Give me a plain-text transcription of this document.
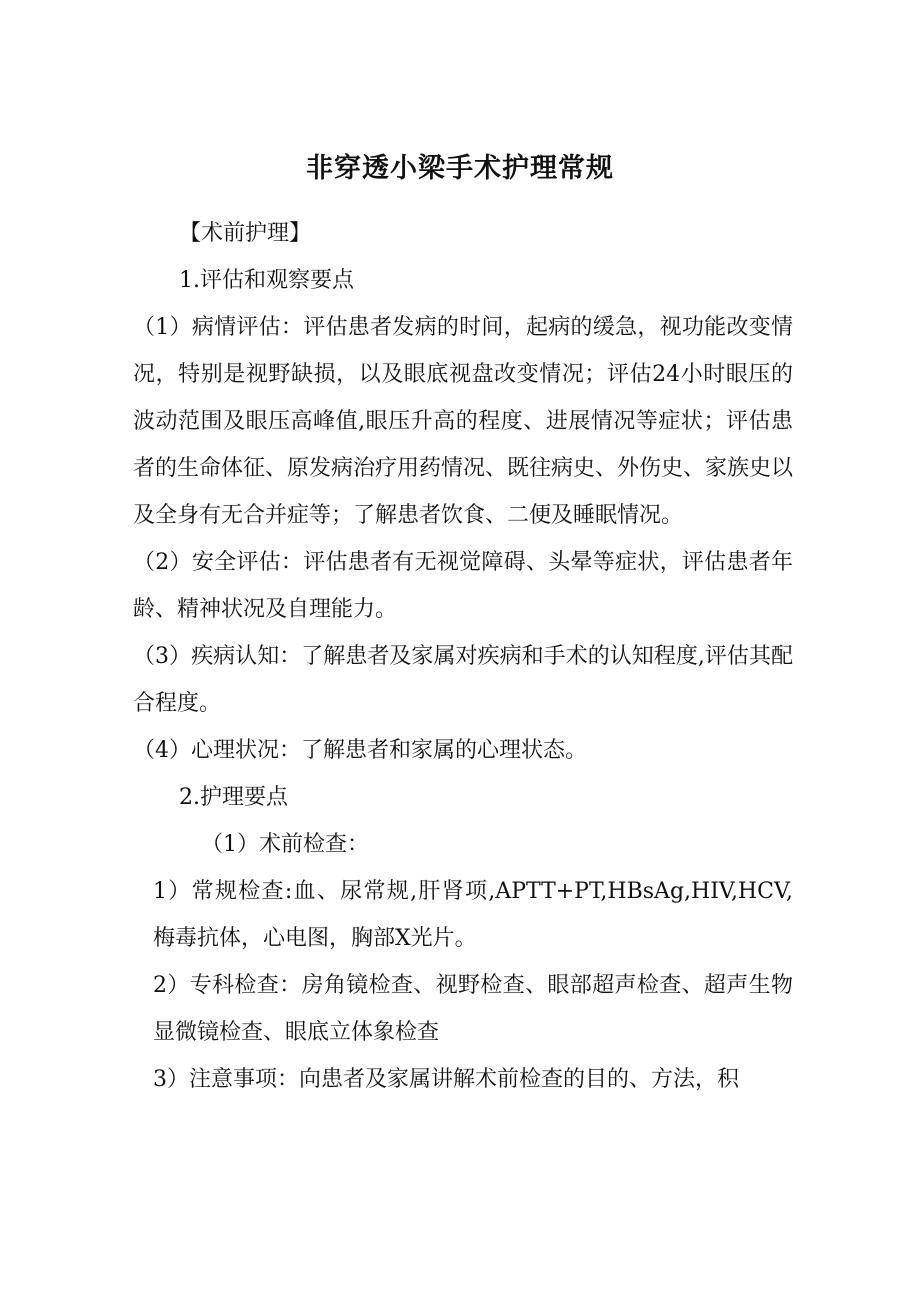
非穿透小梁手术护理常规

【术前护理】

1.评估和观察要点

（1）病情评估：评估患者发病的时间，起病的缓急，视功能改变情况，特别是视野缺损，以及眼底视盘改变情况；评估24小时眼压的波动范围及眼压高峰值,眼压升高的程度、进展情况等症状；评估患者的生命体征、原发病治疗用药情况、既往病史、外伤史、家族史以及全身有无合并症等；了解患者饮食、二便及睡眠情况。

（2）安全评估：评估患者有无视觉障碍、头晕等症状，评估患者年龄、精神状况及自理能力。

（3）疾病认知：了解患者及家属对疾病和手术的认知程度,评估其配合程度。

（4）心理状况：了解患者和家属的心理状态。

2.护理要点

（1）术前检查：

1）常规检查:血、尿常规,肝肾项,APTT+PT,HBsAg,HIV,HCV,梅毒抗体，心电图，胸部X光片。

2）专科检查：房角镜检查、视野检查、眼部超声检查、超声生物显微镜检查、眼底立体象检查

3）注意事项：向患者及家属讲解术前检查的目的、方法，积
